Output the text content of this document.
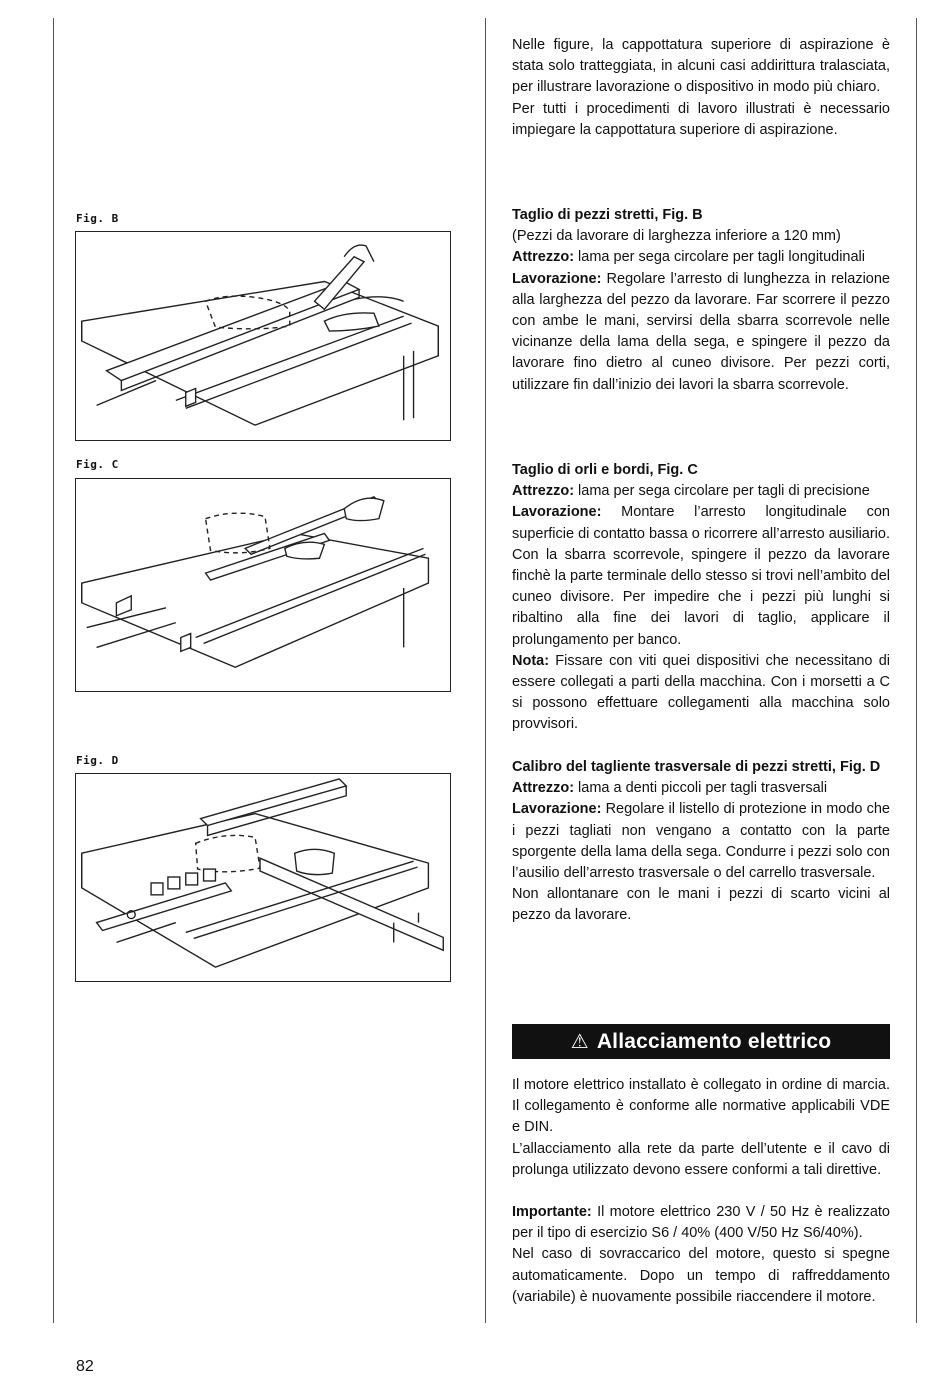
Fig. B
Fig. C
Fig. D

Nelle figure, la cappottatura superiore di aspirazione è stata solo tratteggiata, in alcuni casi addirittura tralasciata, per illustrare lavorazione o dispositivo in modo più chiaro.

Per tutti i procedimenti di lavoro illustrati è necessario impiegare la cappottatura superiore di aspirazione.

Taglio di pezzi stretti, Fig. B

(Pezzi da lavorare di larghezza inferiore a 120 mm)

Attrezzo: lama per sega circolare per tagli longitudinali

Lavorazione: Regolare l’arresto di lunghezza in relazione alla larghezza del pezzo da lavorare. Far scorrere il pezzo con ambe le mani, servirsi della sbarra scorrevole nelle vicinanze della lama della sega, e spingere il pezzo da lavorare fino dietro al cuneo divisore. Per pezzi corti, utilizzare fin dall’inizio dei lavori la sbarra scorrevole.

Taglio di orli e bordi, Fig. C

Attrezzo: lama per sega circolare per tagli di precisione

Lavorazione: Montare l’arresto longitudinale con superficie di contatto bassa o ricorrere all’arresto ausiliario. Con la sbarra scorrevole, spingere il pezzo da lavorare finchè la parte terminale dello stesso si trovi nell’ambito del cuneo divisore. Per impedire che i pezzi più lunghi si ribaltino alla fine dei lavori di taglio, applicare il prolungamento per banco.

Nota: Fissare con viti quei dispositivi che necessitano di essere collegati a parti della macchina. Con i morsetti a C si possono effettuare collegamenti alla macchina solo provvisori.

Calibro del tagliente trasversale di pezzi stretti, Fig. D

Attrezzo: lama a denti piccoli per tagli trasversali

Lavorazione: Regolare il listello di protezione in modo che i pezzi tagliati non vengano a contatto con la parte sporgente della lama della sega. Condurre i pezzi solo con l’ausilio dell’arresto trasversale o del carrello trasversale.

Non allontanare con le mani i pezzi di scarto vicini al pezzo da lavorare.

⚠ Allacciamento elettrico

Il motore elettrico installato è collegato in ordine di marcia. Il collegamento è conforme alle normative applicabili VDE e DIN.

L’allacciamento alla rete da parte dell’utente e il cavo di prolunga utilizzato devono essere conformi a tali direttive.

Importante: Il motore elettrico 230 V / 50 Hz è realizzato per il tipo di esercizio S6 / 40% (400 V/50 Hz S6/40%).

Nel caso di sovraccarico del motore, questo si spegne automaticamente. Dopo un tempo di raffreddamento (variabile) è nuovamente possibile riaccendere il motore.

82
